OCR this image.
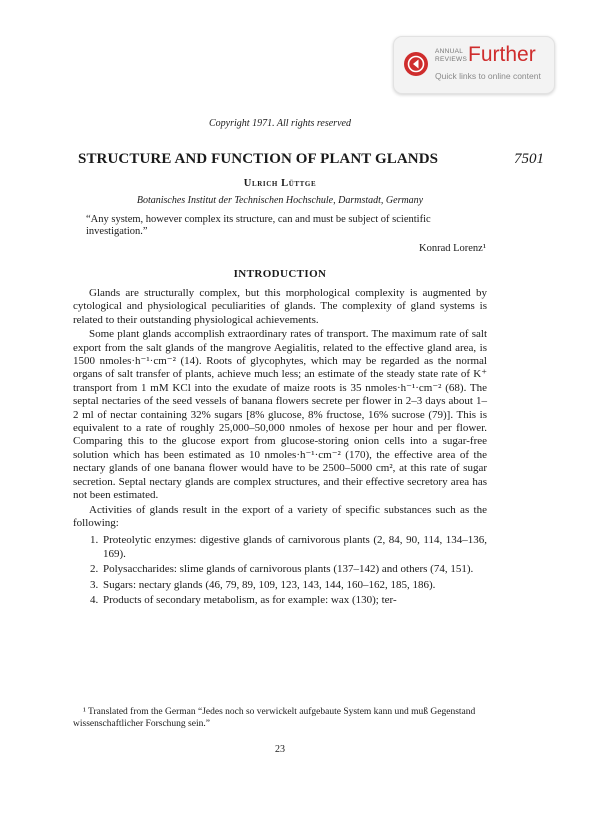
ANNUAL REVIEWS Further
Quick links to online content
Copyright 1971. All rights reserved
STRUCTURE AND FUNCTION OF PLANT GLANDS	7501
Ulrich Lüttge
Botanisches Institut der Technischen Hochschule, Darmstadt, Germany
“Any system, however complex its structure, can and must be subject of scientific investigation.”
Konrad Lorenz¹
INTRODUCTION

Glands are structurally complex, but this morphological complexity is augmented by cytological and physiological peculiarities of glands. The complexity of gland systems is related to their outstanding physiological achievements.

Some plant glands accomplish extraordinary rates of transport. The maximum rate of salt export from the salt glands of the mangrove Aegialitis, related to the effective gland area, is 1500 nmoles·h⁻¹·cm⁻² (14). Roots of glycophytes, which may be regarded as the normal organs of salt transfer of plants, achieve much less; an estimate of the steady state rate of K⁺ transport from 1 mM KCl into the exudate of maize roots is 35 nmoles·h⁻¹·cm⁻² (68). The septal nectaries of the seed vessels of banana flowers secrete per flower in 2–3 days about 1–2 ml of nectar containing 32% sugars [8% glucose, 8% fructose, 16% sucrose (79)]. This is equivalent to a rate of roughly 25,000–50,000 nmoles of hexose per hour and per flower. Comparing this to the glucose export from glucose-storing onion cells into a sugar-free solution which has been estimated as 10 nmoles·h⁻¹·cm⁻² (170), the effective area of the nectary glands of one banana flower would have to be 2500–5000 cm², at this rate of sugar secretion. Septal nectary glands are complex structures, and their effective secretory area has not been estimated.

Activities of glands result in the export of a variety of specific substances such as the following:

1. Proteolytic enzymes: digestive glands of carnivorous plants (2, 84, 90, 114, 134–136, 169).
2. Polysaccharides: slime glands of carnivorous plants (137–142) and others (74, 151).
3. Sugars: nectary glands (46, 79, 89, 109, 123, 143, 144, 160–162, 185, 186).
4. Products of secondary metabolism, as for example: wax (130); ter-
¹ Translated from the German “Jedes noch so verwickelt aufgebaute System kann und muß Gegenstand wissenschaftlicher Forschung sein.”
23
